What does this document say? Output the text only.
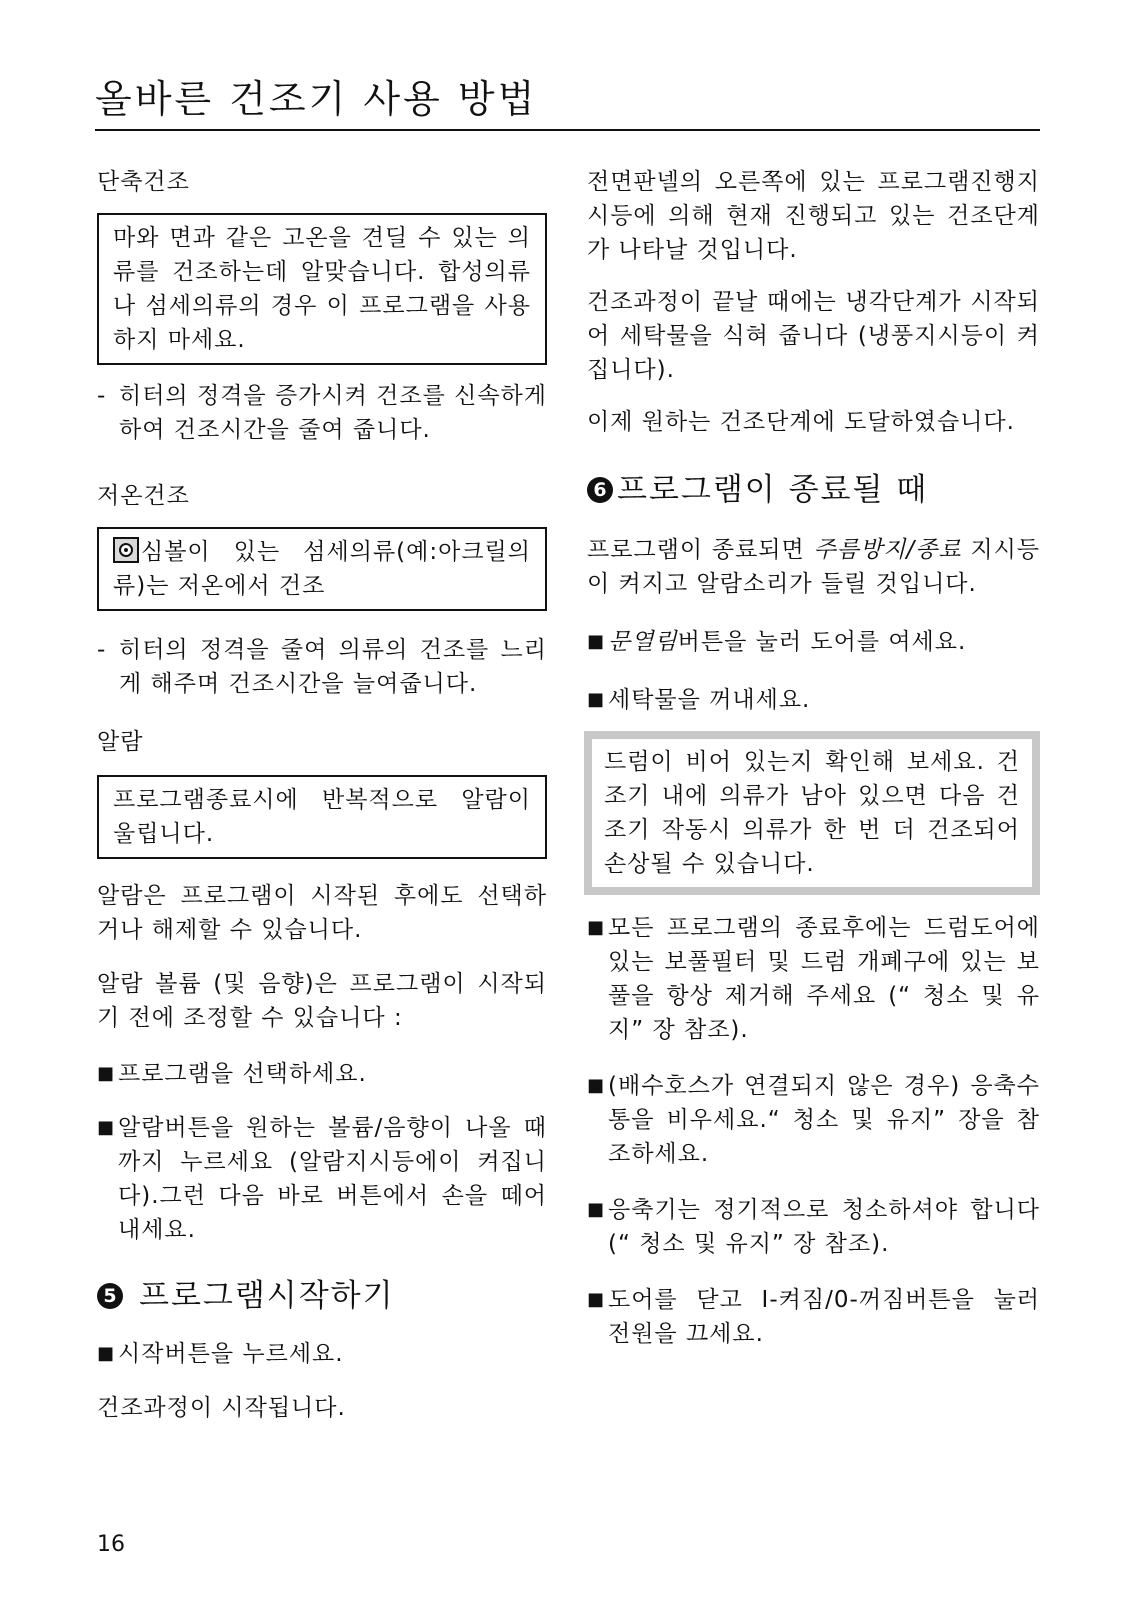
올바른 건조기 사용 방법

단축건조

마와 면과 같은 고온을 견딜 수 있는 의류를 건조하는데 알맞습니다. 합성의류나 섬세의류의 경우 이 프로그램을 사용하지 마세요.

- 히터의 정격을 증가시켜 건조를 신속하게 하여 건조시간을 줄여 줍니다.

저온건조

심볼이 있는 섬세의류(예:아크릴의류)는 저온에서 건조

- 히터의 정격을 줄여 의류의 건조를 느리게 해주며 건조시간을 늘여줍니다.

알람

프로그램종료시에 반복적으로 알람이 울립니다.

알람은 프로그램이 시작된 후에도 선택하거나 해제할 수 있습니다.

알람 볼륨 (및 음향)은 프로그램이 시작되기 전에 조정할 수 있습니다 :

■ 프로그램을 선택하세요.

■ 알람버튼을 원하는 볼륨/음향이 나올 때까지 누르세요 (알람지시등에이 켜집니다).그런 다음 바로 버튼에서 손을 떼어 내세요.

5 프로그램시작하기
■ 시작버튼을 누르세요.

건조과정이 시작됩니다.

전면판넬의 오른쪽에 있는 프로그램진행지시등에 의해 현재 진행되고 있는 건조단계가 나타날 것입니다.

건조과정이 끝날 때에는 냉각단계가 시작되어 세탁물을 식혀 줍니다 (냉풍지시등이 켜집니다).

이제 원하는 건조단계에 도달하였습니다.

6 프로그램이 종료될 때

프로그램이 종료되면 주름방지/종료 지시등이 켜지고 알람소리가 들릴 것입니다.

■ 문열림버튼을 눌러 도어를 여세요.

■ 세탁물을 꺼내세요.

드럼이 비어 있는지 확인해 보세요. 건조기 내에 의류가 남아 있으면 다음 건조기 작동시 의류가 한 번 더 건조되어 손상될 수 있습니다.

■ 모든 프로그램의 종료후에는 드럼도어에 있는 보풀필터 및 드럼 개폐구에 있는 보풀을 항상 제거해 주세요 (“ 청소 및 유지” 장 참조).

■ (배수호스가 연결되지 않은 경우) 응축수통을 비우세요.“ 청소 및 유지” 장을 참조하세요.

■ 응축기는 정기적으로 청소하셔야 합니다 (“ 청소 및 유지” 장 참조).

■ 도어를 닫고 I-켜짐/0-꺼짐버튼을 눌러 전원을 끄세요.

16
